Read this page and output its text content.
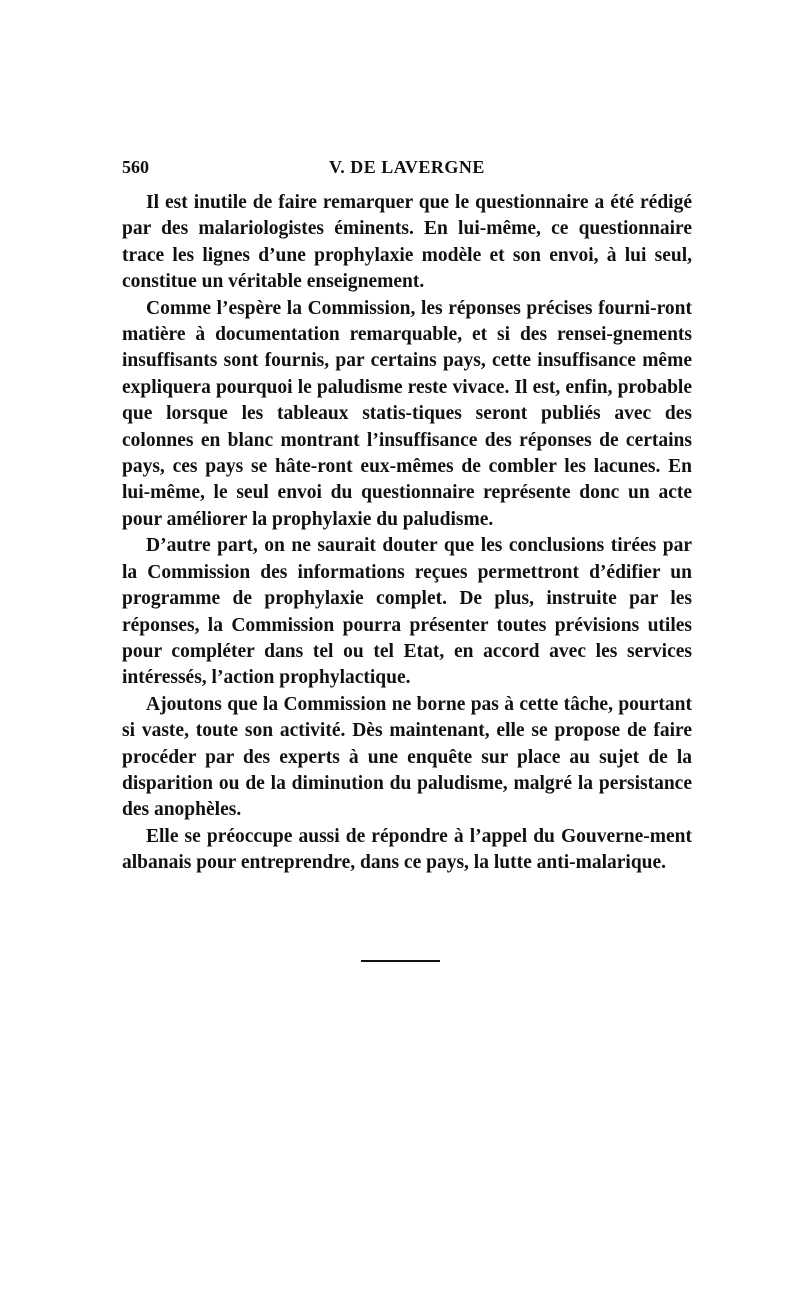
560	V. DE LAVERGNE

Il est inutile de faire remarquer que le questionnaire a été rédigé par des malariologistes éminents. En lui-même, ce questionnaire trace les lignes d’une prophylaxie modèle et son envoi, à lui seul, constitue un véritable enseignement.

Comme l’espère la Commission, les réponses précises fourni-ront matière à documentation remarquable, et si des rensei-gnements insuffisants sont fournis, par certains pays, cette insuffisance même expliquera pourquoi le paludisme reste vivace. Il est, enfin, probable que lorsque les tableaux statis-tiques seront publiés avec des colonnes en blanc montrant l’insuffisance des réponses de certains pays, ces pays se hâte-ront eux-mêmes de combler les lacunes. En lui-même, le seul envoi du questionnaire représente donc un acte pour améliorer la prophylaxie du paludisme.

D’autre part, on ne saurait douter que les conclusions tirées par la Commission des informations reçues permettront d’édifier un programme de prophylaxie complet. De plus, instruite par les réponses, la Commission pourra présenter toutes prévisions utiles pour compléter dans tel ou tel Etat, en accord avec les services intéressés, l’action prophylactique.

Ajoutons que la Commission ne borne pas à cette tâche, pourtant si vaste, toute son activité. Dès maintenant, elle se propose de faire procéder par des experts à une enquête sur place au sujet de la disparition ou de la diminution du paludisme, malgré la persistance des anophèles.

Elle se préoccupe aussi de répondre à l’appel du Gouverne-ment albanais pour entreprendre, dans ce pays, la lutte anti-malarique.
